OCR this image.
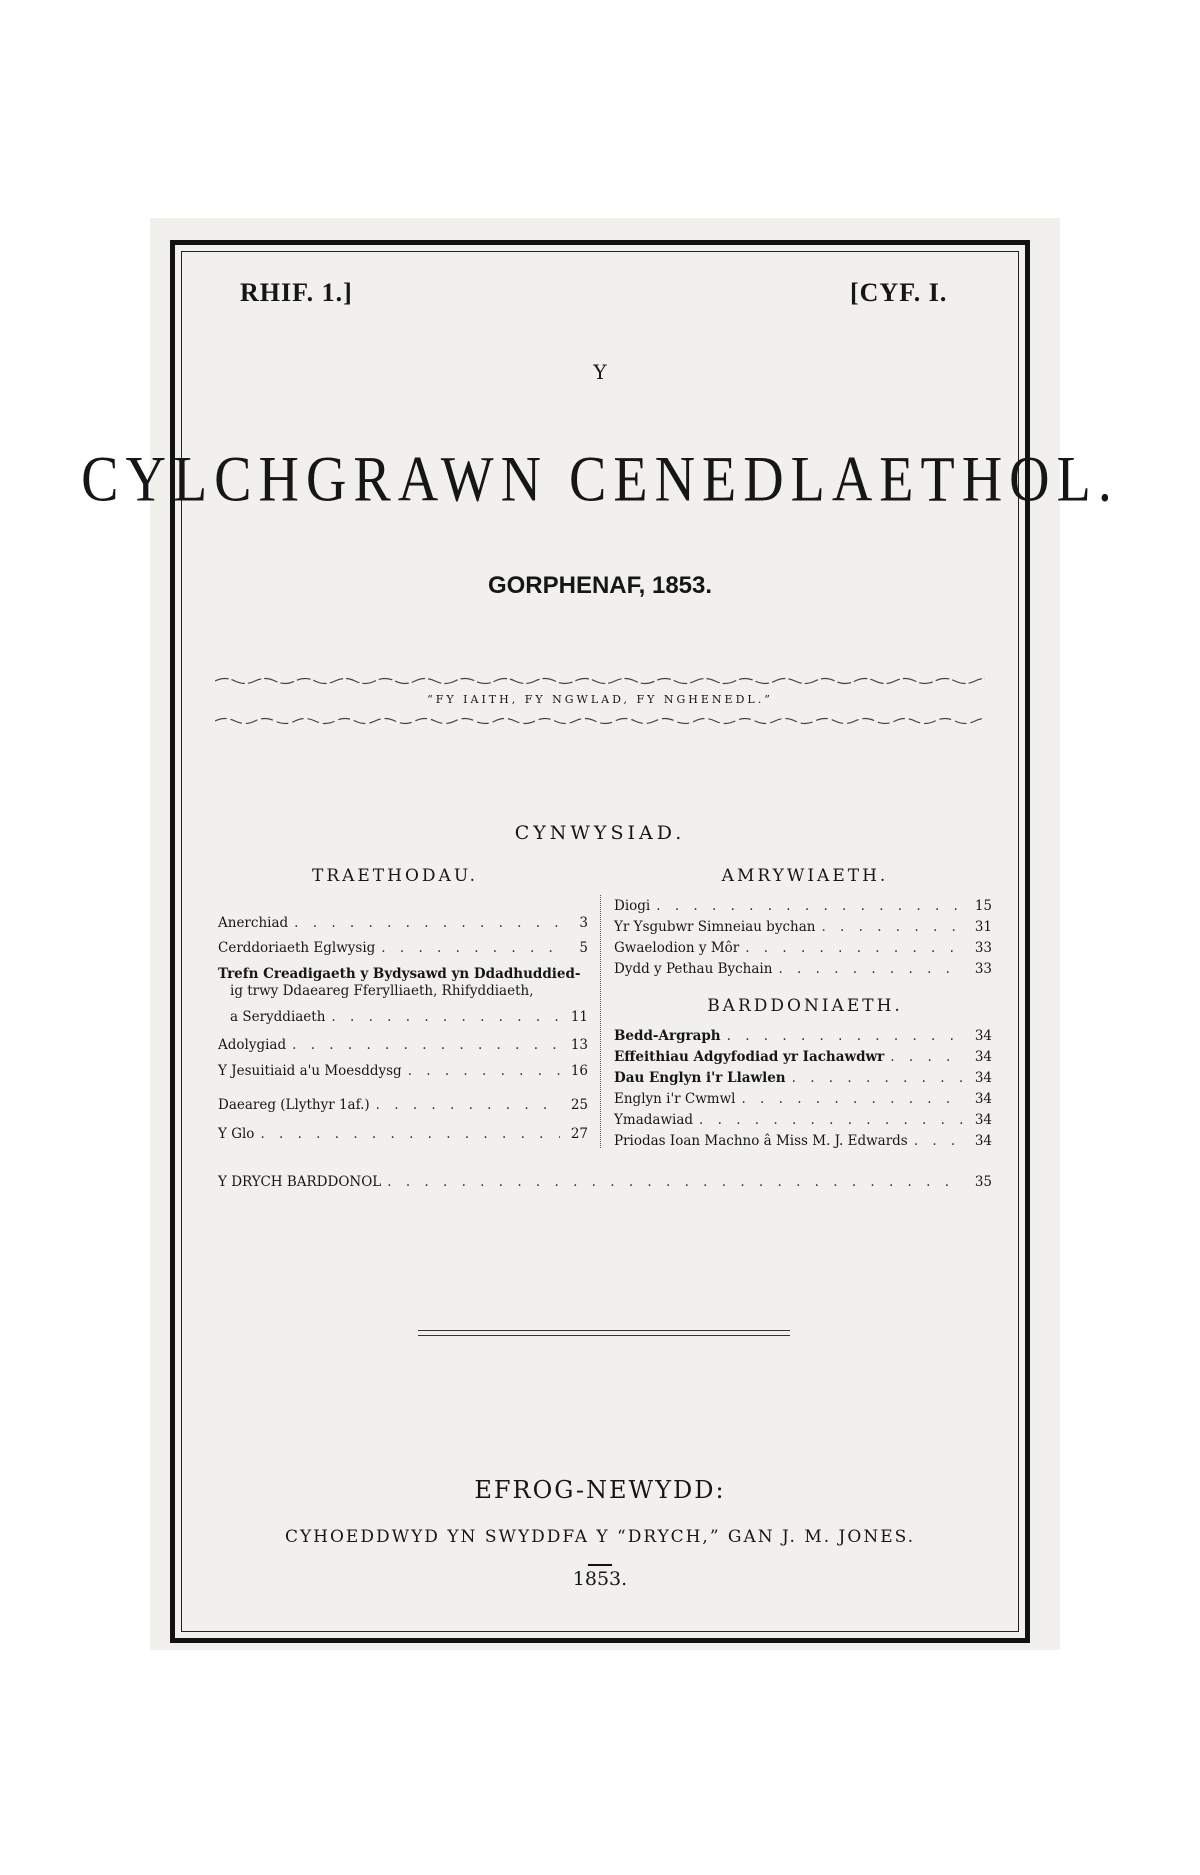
RHIF. 1.]	[CYF. I.
Y
CYLCHGRAWN CENEDLAETHOL.
GORPHENAF, 1853.
“FY IAITH, FY NGWLAD, FY NGHENEDL.”
CYNWYSIAD.
TRAETHODAU.	AMRYWIAETH.
Anerchiad . . .	3
Cerddoriaeth Eglwysig . . .	5
Trefn Creadigaeth y Bydysawd yn Ddadhuddied-
ig trwy Ddaeareg Fferylliaeth, Rhifyddiaeth,
a Seryddiaeth . . .	11
Adolygiad . . .	13
Y Jesuitiaid a'u Moesddysg . . .	16
Daeareg (Llythyr 1af.) . . .	25
Y Glo . . .	27
Diogi . . .	15
Yr Ysgubwr Simneiau bychan . . .	31
Gwaelodion y Môr . . .	33
Dydd y Pethau Bychain . . .	33
BARDDONIAETH.
Bedd-Argraph . . .	34
Effeithiau Adgyfodiad yr Iachawdwr . . .	34
Dau Englyn i'r Llawlen . . .	34
Englyn i'r Cwmwl . . .	34
Ymadawiad . . .	34
Priodas Ioan Machno â Miss M. J. Edwards . . .	34
Y DRYCH BARDDONOL . . .	35
EFROG-NEWYDD:
CYHOEDDWYD YN SWYDDFA Y “DRYCH,” GAN J. M. JONES.
1853.
